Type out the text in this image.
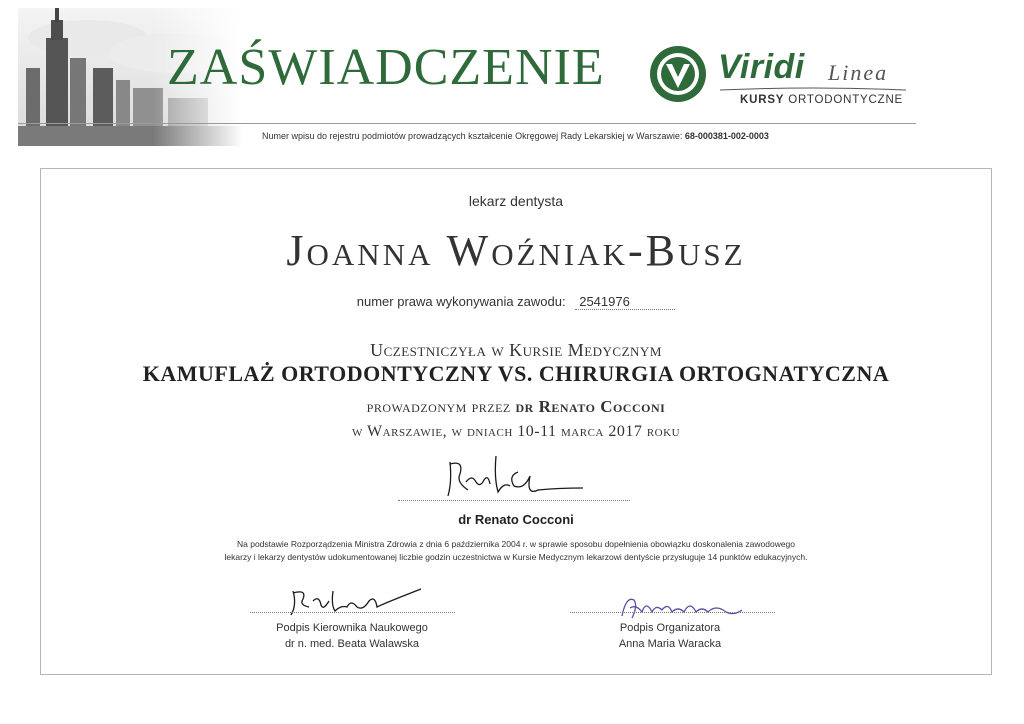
ZAŚWIADCZENIE	Viridi Linea
KURSY ORTODONTYCZNE
Numer wpisu do rejestru podmiotów prowadzących kształcenie Okręgowej Rady Lekarskiej w Warszawie: 68-000381-002-0003
lekarz dentysta
Joanna Woźniak-Busz
numer prawa wykonywania zawodu: 2541976
Uczestniczyła w Kursie Medycznym
KAMUFLAŻ ORTODONTYCZNY VS. CHIRURGIA ORTOGNATYCZNA
prowadzonym przez dr Renato Cocconi
w Warszawie, w dniach 10-11 marca 2017 roku
dr Renato Cocconi
Na podstawie Rozporządzenia Ministra Zdrowia z dnia 6 października 2004 r. w sprawie sposobu dopełnienia obowiązku doskonalenia zawodowego
lekarzy i lekarzy dentystów udokumentowanej liczbie godzin uczestnictwa w Kursie Medycznym lekarzowi dentyście przysługuje 14 punktów edukacyjnych.
Podpis Kierownika Naukowego
dr n. med. Beata Walawska
Podpis Organizatora
Anna Maria Waracka
